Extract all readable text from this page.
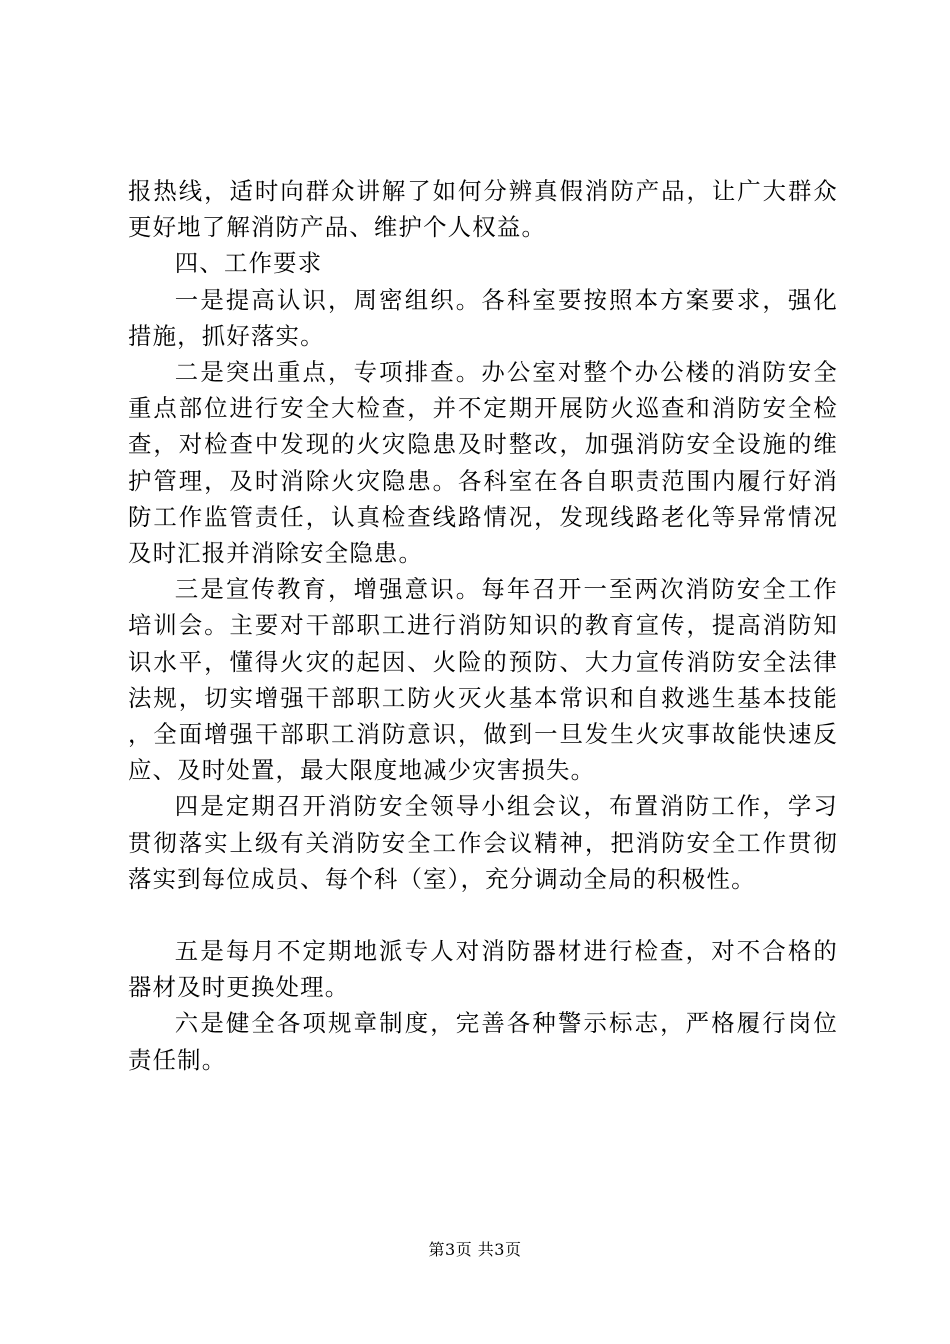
报热线，适时向群众讲解了如何分辨真假消防产品，让广大群众更好地了解消防产品、维护个人权益。

四、工作要求

一是提高认识，周密组织。各科室要按照本方案要求，强化措施，抓好落实。

二是突出重点，专项排查。办公室对整个办公楼的消防安全重点部位进行安全大检查，并不定期开展防火巡查和消防安全检查，对检查中发现的火灾隐患及时整改，加强消防安全设施的维护管理，及时消除火灾隐患。各科室在各自职责范围内履行好消防工作监管责任，认真检查线路情况，发现线路老化等异常情况及时汇报并消除安全隐患。

三是宣传教育，增强意识。每年召开一至两次消防安全工作培训会。主要对干部职工进行消防知识的教育宣传，提高消防知识水平，懂得火灾的起因、火险的预防、大力宣传消防安全法律法规，切实增强干部职工防火灭火基本常识和自救逃生基本技能，全面增强干部职工消防意识，做到一旦发生火灾事故能快速反应、及时处置，最大限度地减少灾害损失。

四是定期召开消防安全领导小组会议，布置消防工作，学习贯彻落实上级有关消防安全工作会议精神，把消防安全工作贯彻落实到每位成员、每个科（室），充分调动全局的积极性。

五是每月不定期地派专人对消防器材进行检查，对不合格的器材及时更换处理。

六是健全各项规章制度，完善各种警示标志，严格履行岗位责任制。

第3页 共3页
